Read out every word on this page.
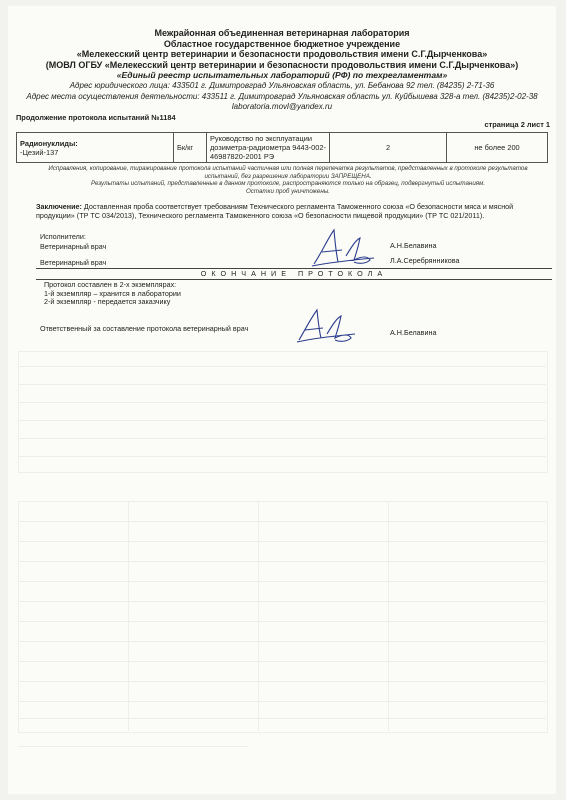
Межрайонная объединенная ветеринарная лаборатория
Областное государственное бюджетное учреждение
«Мелекесский центр ветеринарии и безопасности продовольствия имени С.Г.Дырченкова»
(МОВЛ ОГБУ «Мелекесский центр ветеринарии и безопасности продовольствия имени С.Г.Дырченкова»)
«Единый реестр испытательных лабораторий (РФ) по техрегламентам»
Адрес юридического лица: 433501 г. Димитровград Ульяновская область, ул. Бебанова 92 тел. (84235) 2-71-36
Адрес места осуществления деятельности: 433511 г. Димитровград Ульяновская область ул. Куйбышева 328-а тел. (84235)2-02-38
laboratoria.movl@yandex.ru
Продолжение протокола испытаний №1184
страница 2 лист 1
Радионуклиды:
-Цезий-137	Бк/кг	Руководство по эксплуатации дозиметра-радиометра 9443-002-46987820-2001 РЭ	2	не более 200
Исправления, копирование, тиражирование протокола испытаний частичная или полная перепечатка результатов, представленных в протоколе результатов испытаний, без разрешения лаборатории ЗАПРЕЩЕНА.
Результаты испытаний, представленные в данном протоколе, распространяются только на образец, подвергнутый испытаниям.
Остатки проб уничтожены.
Заключение: Доставленная проба соответствует требованиям Технического регламента Таможенного союза «О безопасности мяса и мясной продукции» (ТР ТС 034/2013), Технического регламента Таможенного союза «О безопасности пищевой продукции» (ТР ТС 021/2011).
Исполнители:
Ветеринарный врач
Ветеринарный врач
А.Н.Белавина
Л.А.Серебрянникова
ОКОНЧАНИЕ ПРОТОКОЛА
Протокол составлен в 2-х экземплярах:
1-й экземпляр – хранится в лаборатории
2-й экземпляр - передается заказчику
Ответственный за составление протокола ветеринарный врач	А.Н.Белавина
